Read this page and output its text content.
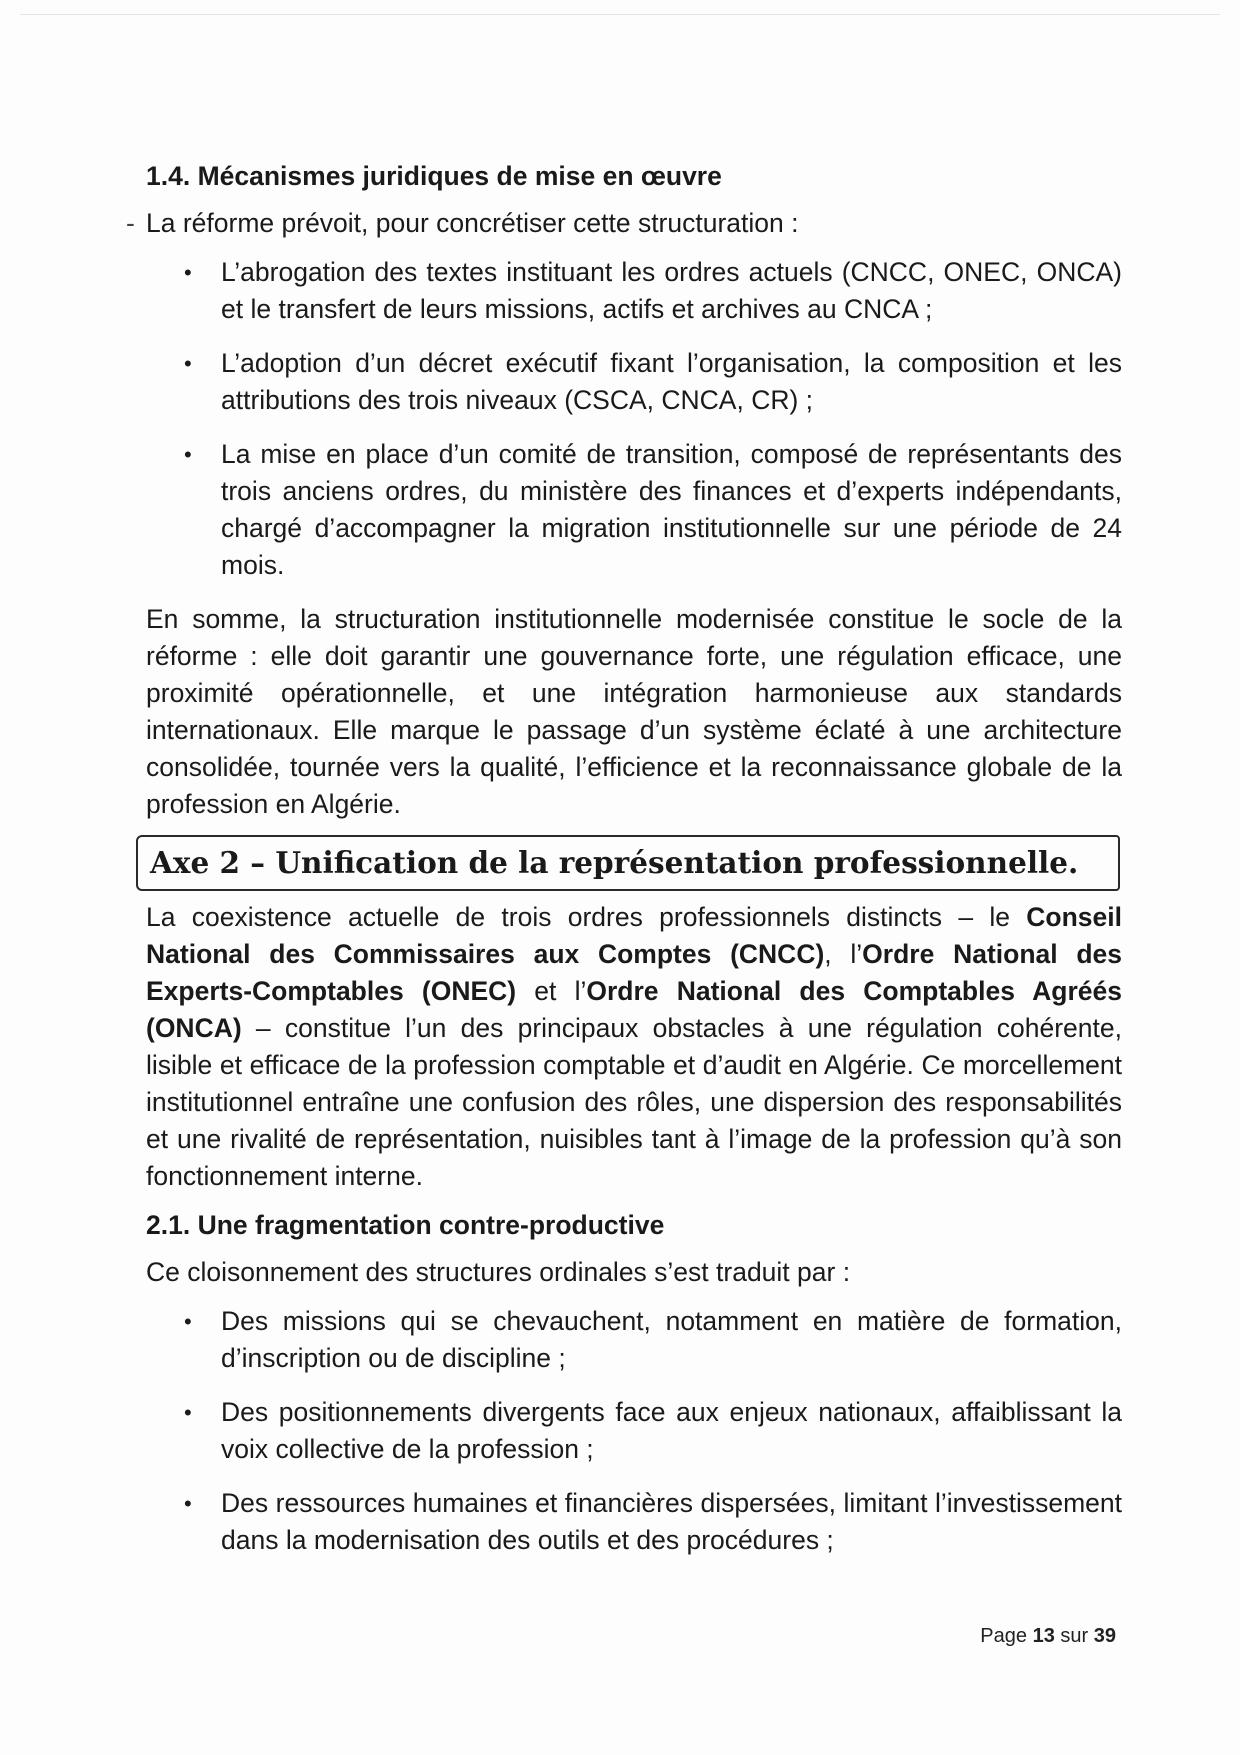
1.4. Mécanismes juridiques de mise en œuvre

- La réforme prévoit, pour concrétiser cette structuration :

• L’abrogation des textes instituant les ordres actuels (CNCC, ONEC, ONCA) et le transfert de leurs missions, actifs et archives au CNCA ;
• L’adoption d’un décret exécutif fixant l’organisation, la composition et les attributions des trois niveaux (CSCA, CNCA, CR) ;
• La mise en place d’un comité de transition, composé de représentants des trois anciens ordres, du ministère des finances et d’experts indépendants, chargé d’accompagner la migration institutionnelle sur une période de 24 mois.

En somme, la structuration institutionnelle modernisée constitue le socle de la réforme : elle doit garantir une gouvernance forte, une régulation efficace, une proximité opérationnelle, et une intégration harmonieuse aux standards internationaux. Elle marque le passage d’un système éclaté à une architecture consolidée, tournée vers la qualité, l’efficience et la reconnaissance globale de la profession en Algérie.

Axe 2 – Unification de la représentation professionnelle.

La coexistence actuelle de trois ordres professionnels distincts – le Conseil National des Commissaires aux Comptes (CNCC), l’Ordre National des Experts-Comptables (ONEC) et l’Ordre National des Comptables Agréés (ONCA) – constitue l’un des principaux obstacles à une régulation cohérente, lisible et efficace de la profession comptable et d’audit en Algérie. Ce morcellement institutionnel entraîne une confusion des rôles, une dispersion des responsabilités et une rivalité de représentation, nuisibles tant à l’image de la profession qu’à son fonctionnement interne.

2.1. Une fragmentation contre-productive

Ce cloisonnement des structures ordinales s’est traduit par :

• Des missions qui se chevauchent, notamment en matière de formation, d’inscription ou de discipline ;
• Des positionnements divergents face aux enjeux nationaux, affaiblissant la voix collective de la profession ;
• Des ressources humaines et financières dispersées, limitant l’investissement dans la modernisation des outils et des procédures ;
Page 13 sur 39
